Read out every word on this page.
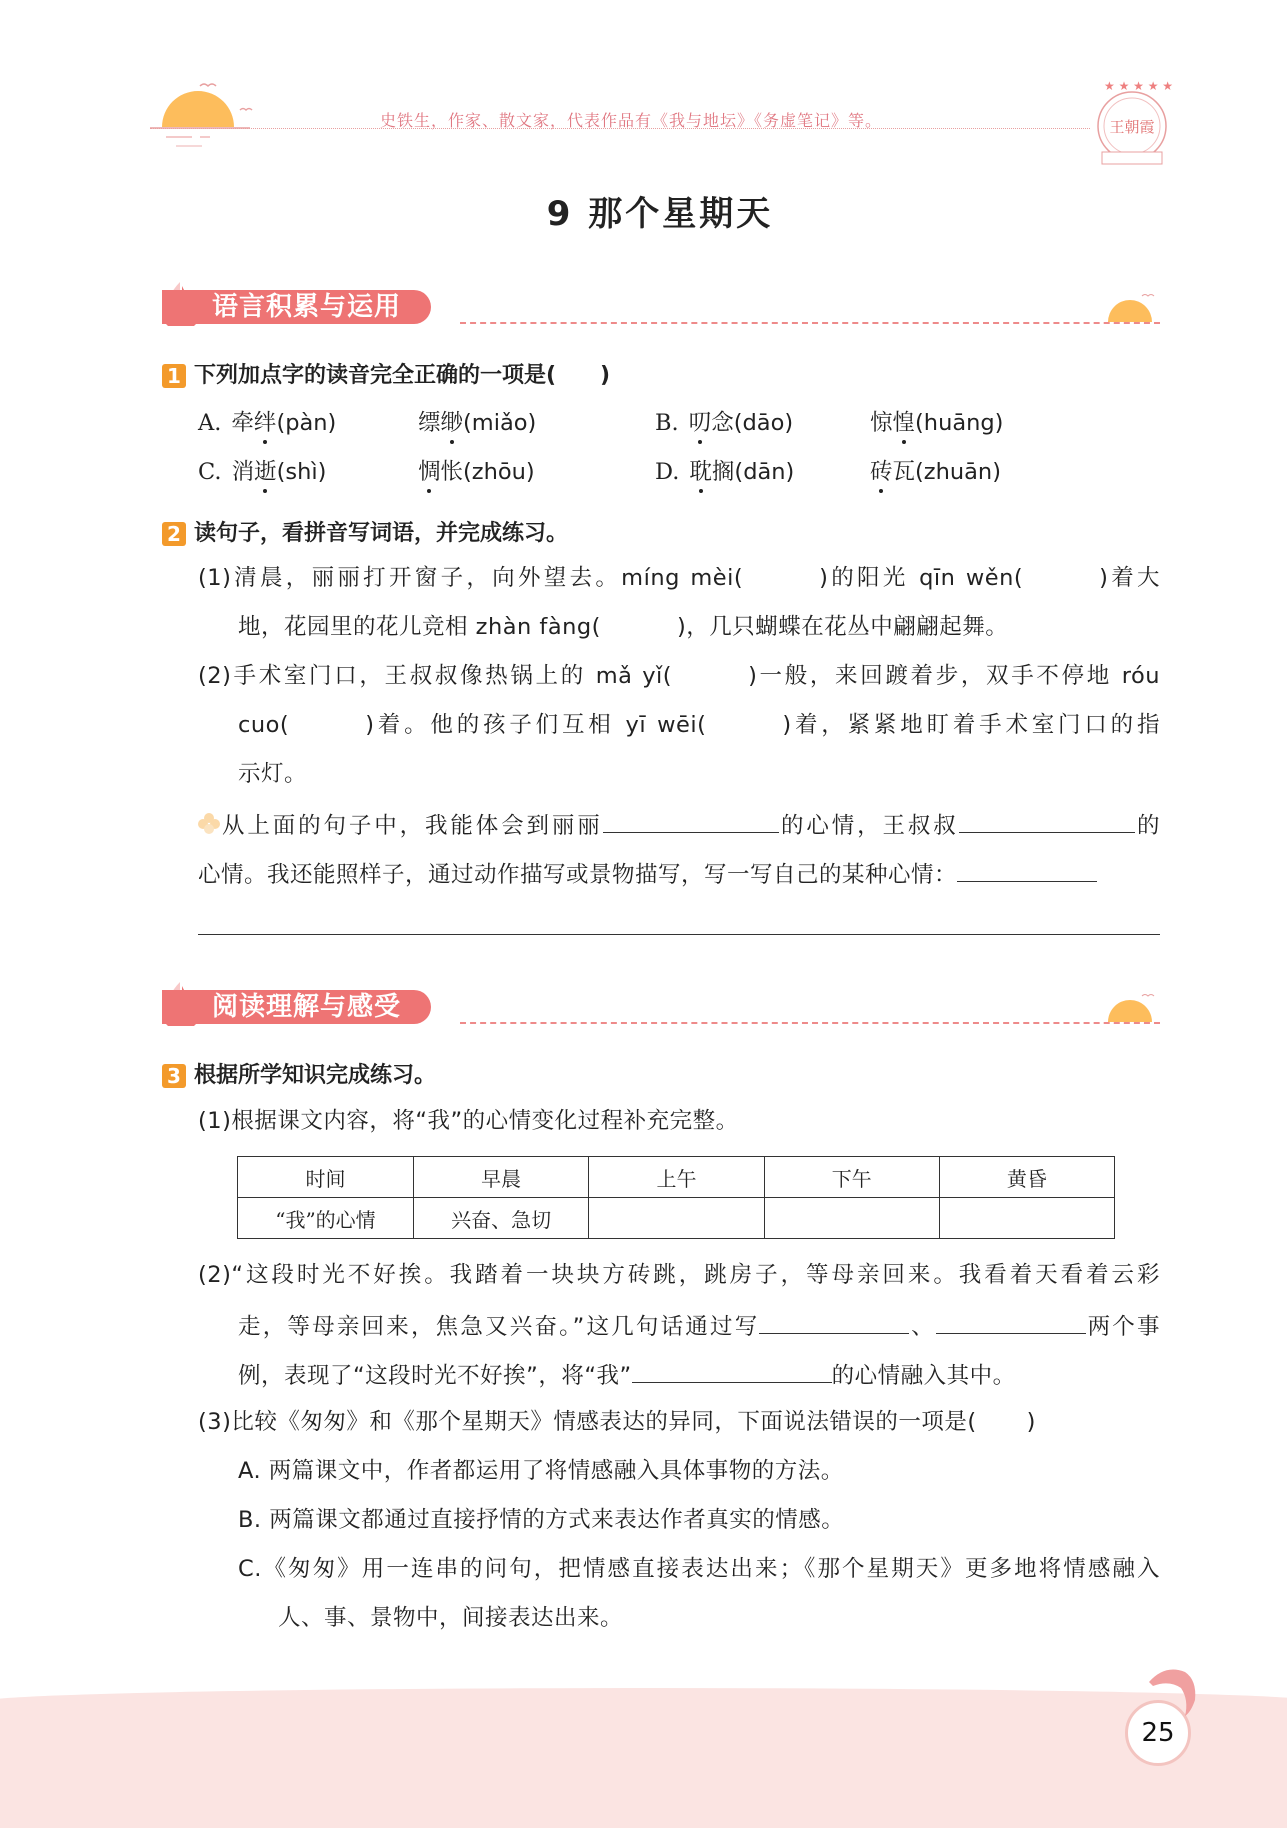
史铁生，作家、散文家，代表作品有《我与地坛》《务虚笔记》等。
★ ★ ★ ★ ★
王朝霞
9 那个星期天
语言积累与运用
1 下列加点字的读音完全正确的一项是(　　)
A. 牵绊(pàn)	缥缈(miǎo)	B. 叨念(dāo)	惊惶(huāng)
C. 消逝(shì)	惆怅(zhōu)	D. 耽搁(dān)	砖瓦(zhuān)
2 读句子，看拼音写词语，并完成练习。
(1)清晨，丽丽打开窗子，向外望去。míng mèi(	)的阳光 qīn wěn(	)着大
地，花园里的花儿竞相 zhàn fàng(	)，几只蝴蝶在花丛中翩翩起舞。
(2)手术室门口，王叔叔像热锅上的 mǎ yǐ(	)一般，来回踱着步，双手不停地 róu
cuo(	)着。他的孩子们互相 yī wēi(	)着，紧紧地盯着手术室门口的指
示灯。
从上面的句子中，我能体会到丽丽	的心情，王叔叔	的
心情。我还能照样子，通过动作描写或景物描写，写一写自己的某种心情：
阅读理解与感受
3 根据所学知识完成练习。
(1)根据课文内容，将“我”的心情变化过程补充完整。
时间	早晨	上午	下午	黄昏
“我”的心情	兴奋、急切			
(2)“这段时光不好挨。我踏着一块块方砖跳，跳房子，等母亲回来。我看着天看着云彩
走，等母亲回来，焦急又兴奋。”这几句话通过写	、	两个事
例，表现了“这段时光不好挨”，将“我”	的心情融入其中。
(3)比较《匆匆》和《那个星期天》情感表达的异同，下面说法错误的一项是( )
A. 两篇课文中，作者都运用了将情感融入具体事物的方法。
B. 两篇课文都通过直接抒情的方式来表达作者真实的情感。
C.《匆匆》用一连串的问句，把情感直接表达出来；《那个星期天》更多地将情感融入
人、事、景物中，间接表达出来。
25
